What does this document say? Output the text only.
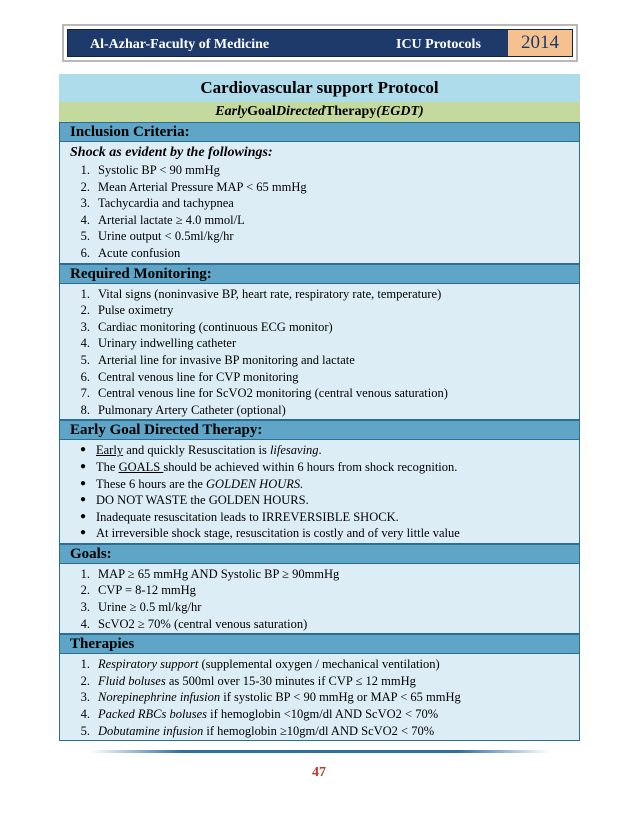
Al-Azhar-Faculty of Medicine	ICU Protocols	2014
Cardiovascular support Protocol
Early Goal Directed Therapy (EGDT)
Inclusion Criteria:
Shock as evident by the followings:
1. Systolic BP < 90 mmHg
2. Mean Arterial Pressure MAP < 65 mmHg
3. Tachycardia and tachypnea
4. Arterial lactate ≥ 4.0 mmol/L
5. Urine output < 0.5ml/kg/hr
6. Acute confusion
Required Monitoring:
1. Vital signs (noninvasive BP, heart rate, respiratory rate, temperature)
2. Pulse oximetry
3. Cardiac monitoring (continuous ECG monitor)
4. Urinary indwelling catheter
5. Arterial line for invasive BP monitoring and lactate
6. Central venous line for CVP monitoring
7. Central venous line for ScVO2 monitoring (central venous saturation)
8. Pulmonary Artery Catheter (optional)
Early Goal Directed Therapy:
● Early and quickly Resuscitation is lifesaving.
● The GOALS should be achieved within 6 hours from shock recognition.
● These 6 hours are the GOLDEN HOURS.
● DO NOT WASTE the GOLDEN HOURS.
● Inadequate resuscitation leads to IRREVERSIBLE SHOCK.
● At irreversible shock stage, resuscitation is costly and of very little value
Goals:
1. MAP ≥ 65 mmHg AND Systolic BP ≥ 90mmHg
2. CVP = 8-12 mmHg
3. Urine ≥ 0.5 ml/kg/hr
4. ScVO2 ≥ 70% (central venous saturation)
Therapies
1. Respiratory support (supplemental oxygen / mechanical ventilation)
2. Fluid boluses as 500ml over 15-30 minutes if CVP ≤ 12 mmHg
3. Norepinephrine infusion if systolic BP < 90 mmHg or MAP < 65 mmHg
4. Packed RBCs boluses if hemoglobin <10gm/dl AND ScVO2 < 70%
5. Dobutamine infusion if hemoglobin ≥10gm/dl AND ScVO2 < 70%
47
